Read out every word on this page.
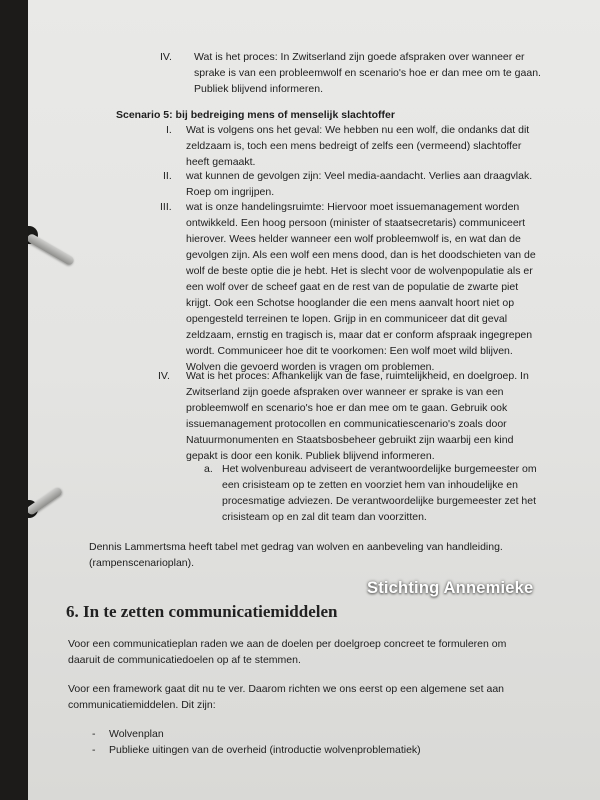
IV. Wat is het proces: In Zwitserland zijn goede afspraken over wanneer er
sprake is van een probleemwolf en scenario's hoe er dan mee om te gaan.
Publiek blijvend informeren.
Scenario 5: bij bedreiging mens of menselijk slachtoffer
I. Wat is volgens ons het geval: We hebben nu een wolf, die ondanks dat dit
zeldzaam is, toch een mens bedreigt of zelfs een (vermeend) slachtoffer
heeft gemaakt.
II. wat kunnen de gevolgen zijn: Veel media-aandacht. Verlies aan draagvlak.
Roep om ingrijpen.
III. wat is onze handelingsruimte: Hiervoor moet issuemanagement worden
ontwikkeld. Een hoog persoon (minister of staatsecretaris) communiceert
hierover. Wees helder wanneer een wolf probleemwolf is, en wat dan de
gevolgen zijn. Als een wolf een mens dood, dan is het doodschieten van de
wolf de beste optie die je hebt. Het is slecht voor de wolvenpopulatie als er
een wolf over de scheef gaat en de rest van de populatie de zwarte piet
krijgt. Ook een Schotse hooglander die een mens aanvalt hoort niet op
opengesteld terreinen te lopen. Grijp in en communiceer dat dit geval
zeldzaam, ernstig en tragisch is, maar dat er conform afspraak ingegrepen
wordt. Communiceer hoe dit te voorkomen: Een wolf moet wild blijven.
Wolven die gevoerd worden is vragen om problemen.
IV. Wat is het proces: Afhankelijk van de fase, ruimtelijkheid, en doelgroep. In
Zwitserland zijn goede afspraken over wanneer er sprake is van een
probleemwolf en scenario's hoe er dan mee om te gaan. Gebruik ook
issuemanagement protocollen en communicatiescenario's zoals door
Natuurmonumenten en Staatsbosbeheer gebruikt zijn waarbij een kind
gepakt is door een konik. Publiek blijvend informeren.
a. Het wolvenbureau adviseert de verantwoordelijke burgemeester om
een crisisteam op te zetten en voorziet hem van inhoudelijke en
procesmatige adviezen. De verantwoordelijke burgemeester zet het
crisisteam op en zal dit team dan voorzitten.
Dennis Lammertsma heeft tabel met gedrag van wolven en aanbeveling van handleiding.
(rampenscenarioplan).
6. In te zetten communicatiemiddelen
Voor een communicatieplan raden we aan de doelen per doelgroep concreet te formuleren om
daaruit de communicatiedoelen op af te stemmen.
Voor een framework gaat dit nu te ver. Daarom richten we ons eerst op een algemene set aan
communicatiemiddelen. Dit zijn:
- Wolvenplan
- Publieke uitingen van de overheid (introductie wolvenproblematiek)
Stichting Annemieke
